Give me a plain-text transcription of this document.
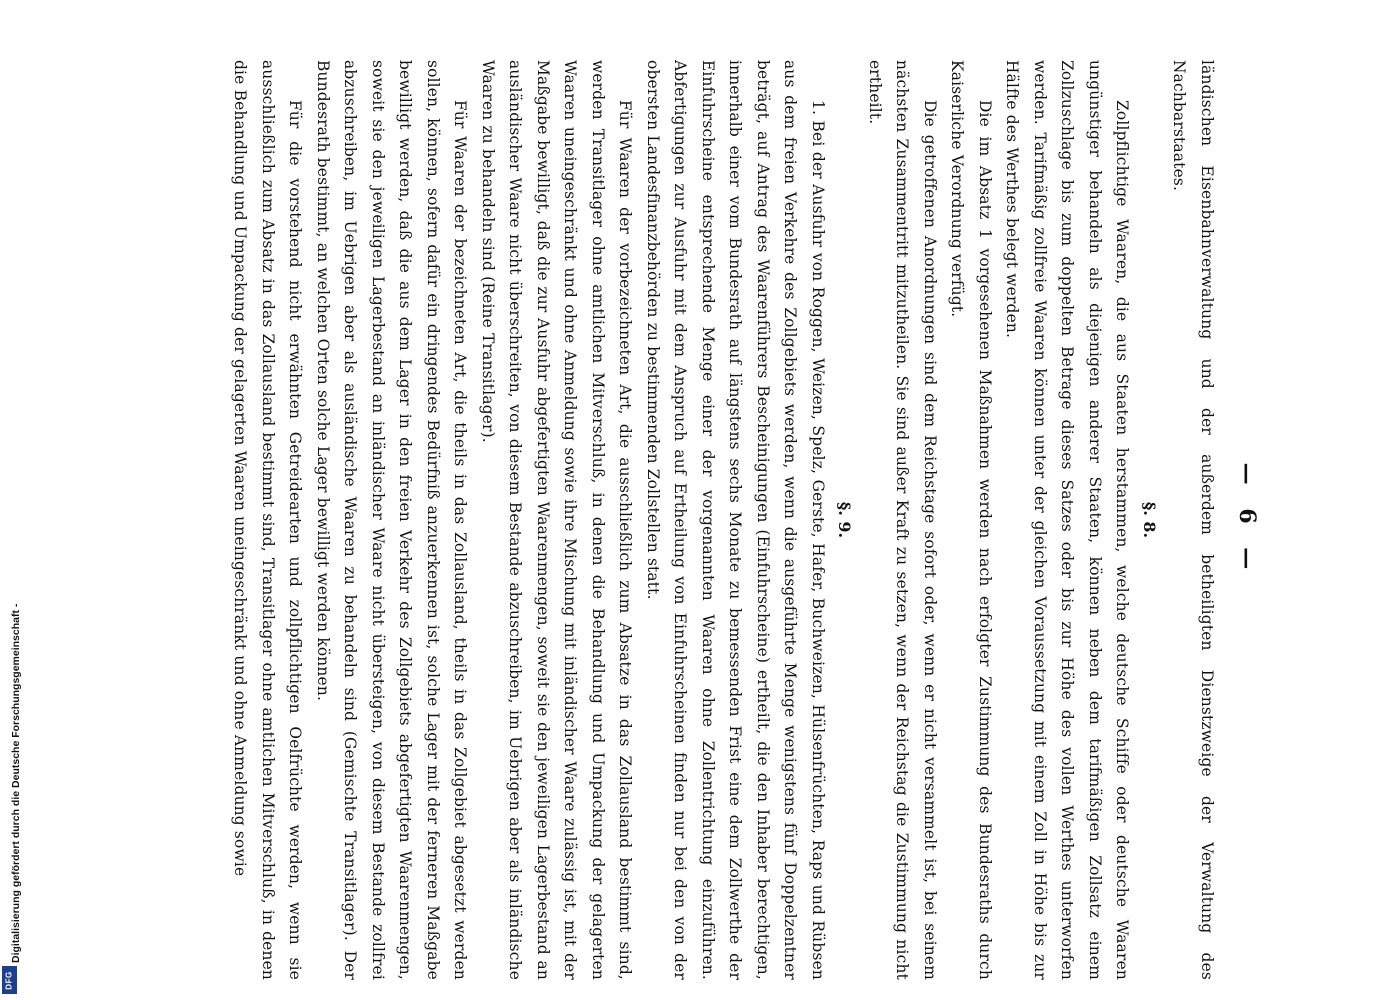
Digitalisierung gefördert durch die Deutsche Forschungsgemeinschaft -
DFG
— 6 —

ländischen Eisenbahnverwaltung und der außerdem betheiligten Dienstzweige der Verwaltung des Nachbarstaates.

§. 8.

Zollpflichtige Waaren, die aus Staaten herstammen, welche deutsche Schiffe oder deutsche Waaren ungünstiger behandeln als diejenigen anderer Staaten, können neben dem tarifmäßigen Zollsatz einem Zollzuschlage bis zum doppelten Betrage dieses Satzes oder bis zur Höhe des vollen Werthes unterworfen werden. Tarifmäßig zollfreie Waaren können unter der gleichen Voraussetzung mit einem Zoll in Höhe bis zur Hälfte des Werthes belegt werden.

Die im Absatz 1 vorgesehenen Maßnahmen werden nach erfolgter Zustimmung des Bundesraths durch Kaiserliche Verordnung verfügt.

Die getroffenen Anordnungen sind dem Reichstage sofort oder, wenn er nicht versammelt ist, bei seinem nächsten Zusammentritt mitzutheilen. Sie sind außer Kraft zu setzen, wenn der Reichstag die Zustimmung nicht ertheilt.

§. 9.

1. Bei der Ausfuhr von Roggen, Weizen, Spelz, Gerste, Hafer, Buchweizen, Hülsenfrüchten, Raps und Rübsen aus dem freien Verkehre des Zollgebiets werden, wenn die ausgeführte Menge wenigstens fünf Doppelzentner beträgt, auf Antrag des Waarenführers Bescheinigungen (Einfuhrscheine) ertheilt, die den Inhaber berechtigen, innerhalb einer vom Bundesrath auf längstens sechs Monate zu bemessenden Frist eine dem Zollwerthe der Einfuhrscheine entsprechende Menge einer der vorgenannten Waaren ohne Zollentrichtung einzuführen. Abfertigungen zur Ausfuhr mit dem Anspruch auf Ertheilung von Einfuhrscheinen finden nur bei den von der obersten Landesfinanzbehörden zu bestimmenden Zollstellen statt.

Für Waaren der vorbezeichneten Art, die ausschließlich zum Absatze in das Zollausland bestimmt sind, werden Transitlager ohne amtlichen Mitverschluß, in denen die Behandlung und Umpackung der gelagerten Waaren uneingeschränkt und ohne Anmeldung sowie ihre Mischung mit inländischer Waare zulässig ist, mit der Maßgabe bewilligt, daß die zur Ausfuhr abgefertigten Waarenmengen, soweit sie den jeweiligen Lagerbestand an ausländischer Waare nicht überschreiten, von diesem Bestande abzuschreiben, im Uebrigen aber als inländische Waaren zu behandeln sind (Reine Transitlager).

Für Waaren der bezeichneten Art, die theils in das Zollausland, theils in das Zollgebiet abgesetzt werden sollen, können, sofern dafür ein dringendes Bedürfniß anzuerkennen ist, solche Lager mit der ferneren Maßgabe bewilligt werden, daß die aus dem Lager in den freien Verkehr des Zollgebiets abgefertigten Waarenmengen, soweit sie den jeweiligen Lagerbestand an inländischer Waare nicht übersteigen, von diesem Bestande zollfrei abzuschreiben, im Uebrigen aber als ausländische Waaren zu behandeln sind (Gemischte Transitlager). Der Bundesrath bestimmt, an welchen Orten solche Lager bewilligt werden können.

Für die vorstehend nicht erwähnten Getreidearten und zollpflichtigen Oelfrüchte werden, wenn sie ausschließlich zum Absatz in das Zollausland bestimmt sind, Transitlager ohne amtlichen Mitverschluß, in denen die Behandlung und Umpackung der gelagerten Waaren uneingeschränkt und ohne Anmeldung sowie
